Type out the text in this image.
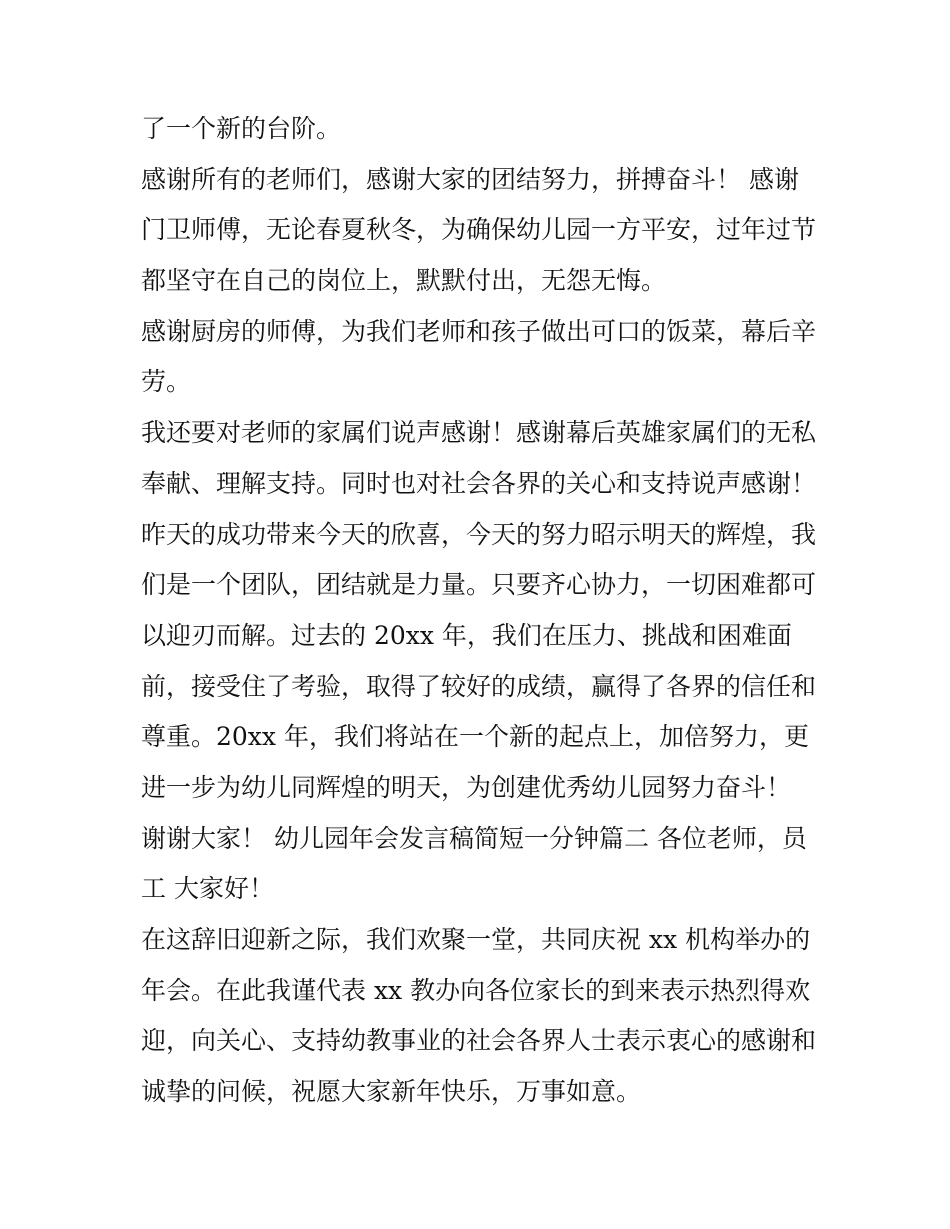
了一个新的台阶。
感谢所有的老师们，感谢大家的团结努力，拼搏奋斗！ 感谢
门卫师傅，无论春夏秋冬，为确保幼儿园一方平安，过年过节
都坚守在自己的岗位上，默默付出，无怨无悔。
感谢厨房的师傅，为我们老师和孩子做出可口的饭菜，幕后辛
劳。
我还要对老师的家属们说声感谢！感谢幕后英雄家属们的无私
奉献、理解支持。同时也对社会各界的关心和支持说声感谢！
昨天的成功带来今天的欣喜，今天的努力昭示明天的辉煌，我
们是一个团队，团结就是力量。只要齐心协力，一切困难都可
以迎刃而解。过去的 20xx 年，我们在压力、挑战和困难面
前，接受住了考验，取得了较好的成绩，赢得了各界的信任和
尊重。20xx 年，我们将站在一个新的起点上，加倍努力，更
进一步为幼儿同辉煌的明天，为创建优秀幼儿园努力奋斗！
谢谢大家！ 幼儿园年会发言稿简短一分钟篇二 各位老师，员
工 大家好！
在这辞旧迎新之际，我们欢聚一堂，共同庆祝 xx 机构举办的
年会。在此我谨代表 xx 教办向各位家长的到来表示热烈得欢
迎，向关心、支持幼教事业的社会各界人士表示衷心的感谢和
诚挚的问候，祝愿大家新年快乐，万事如意。
